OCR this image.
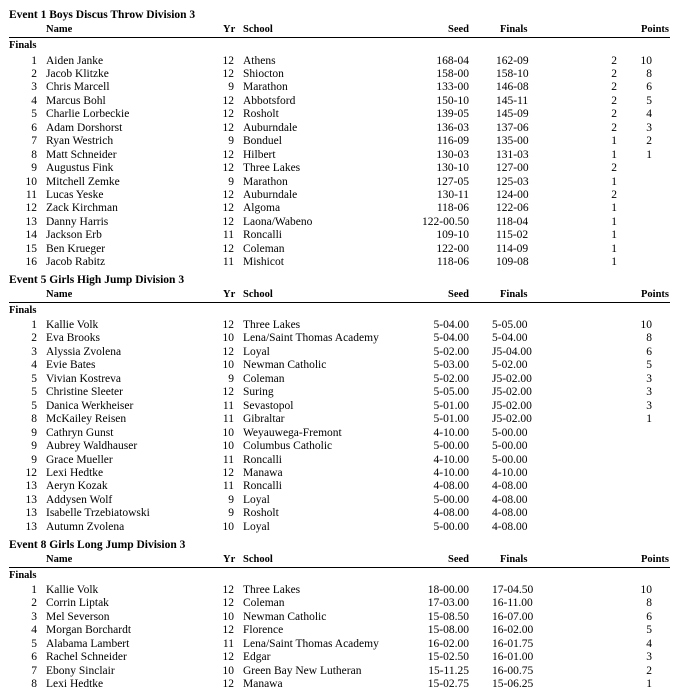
Event 1 Boys Discus Throw Division 3
Name	Yr School	Seed	Finals	Points
Finals
1 Aiden Janke	12 Athens	168-04 162-09	2 10
2 Jacob Klitzke	12 Shiocton	158-00 158-10	2	8
3 Chris Marcell	9 Marathon	133-00 146-08	2	6
4 Marcus Bohl	12 Abbotsford	150-10 145-11	2	5
5 Charlie Lorbeckie	12 Rosholt	139-05 145-09	2	4
6 Adam Dorshorst	12 Auburndale	136-03 137-06	2	3
7 Ryan Westrich	9 Bonduel	116-09 135-00	1	2
8 Matt Schneider	12 Hilbert	130-03 131-03	1	1
9 Augustus Fink	12 Three Lakes	130-10 127-00	2
10 Mitchell Zemke	9 Marathon	127-05 125-03	1
11 Lucas Yeske	12 Auburndale	130-11 124-00	2
12 Zack Kirchman	12 Algoma	118-06 122-06	1
13 Danny Harris	12 Laona/Wabeno	122-00.50 118-04	1
14 Jackson Erb	11 Roncalli	109-10 115-02	1
15 Ben Krueger	12 Coleman	122-00 114-09	1
16 Jacob Rabitz	11 Mishicot	118-06 109-08	1
Event 5 Girls High Jump Division 3
Name	Yr School	Seed	Finals	Points
Finals
1 Kallie Volk	12 Three Lakes	5-04.00 5-05.00	10
2 Eva Brooks	10 Lena/Saint Thomas Academy	5-04.00 5-04.00	8
3 Alyssia Zvolena	12 Loyal	5-02.00 J5-04.00	6
4 Evie Bates	10 Newman Catholic	5-03.00 5-02.00	5
5 Vivian Kostreva	9 Coleman	5-02.00 J5-02.00	3
5 Christine Sleeter	12 Suring	5-05.00 J5-02.00	3
5 Danica Werkheiser	11 Sevastopol	5-01.00 J5-02.00	3
8 McKailey Reisen	11 Gibraltar	5-01.00 J5-02.00	1
9 Cathryn Gunst	10 Weyauwega-Fremont	4-10.00 5-00.00
9 Aubrey Waldhauser	10 Columbus Catholic	5-00.00 5-00.00
9 Grace Mueller	11 Roncalli	4-10.00 5-00.00
12 Lexi Hedtke	12 Manawa	4-10.00 4-10.00
13 Aeryn Kozak	11 Roncalli	4-08.00 4-08.00
13 Addysen Wolf	9 Loyal	5-00.00 4-08.00
13 Isabelle Trzebiatowski	9 Rosholt	4-08.00 4-08.00
13 Autumn Zvolena	10 Loyal	5-00.00 4-08.00
Event 8 Girls Long Jump Division 3
Name	Yr School	Seed	Finals	Points
Finals
1 Kallie Volk	12 Three Lakes	18-00.00 17-04.50	10
2 Corrin Liptak	12 Coleman	17-03.00 16-11.00	8
3 Mel Severson	10 Newman Catholic	15-08.50 16-07.00	6
4 Morgan Borchardt	12 Florence	15-08.00 16-02.00	5
5 Alabama Lambert	11 Lena/Saint Thomas Academy	16-02.00 16-01.75	4
6 Rachel Schneider	12 Edgar	15-02.50 16-01.00	3
7 Ebony Sinclair	10 Green Bay New Lutheran	15-11.25 16-00.75	2
8 Lexi Hedtke	12 Manawa	15-02.75 15-06.25	1
